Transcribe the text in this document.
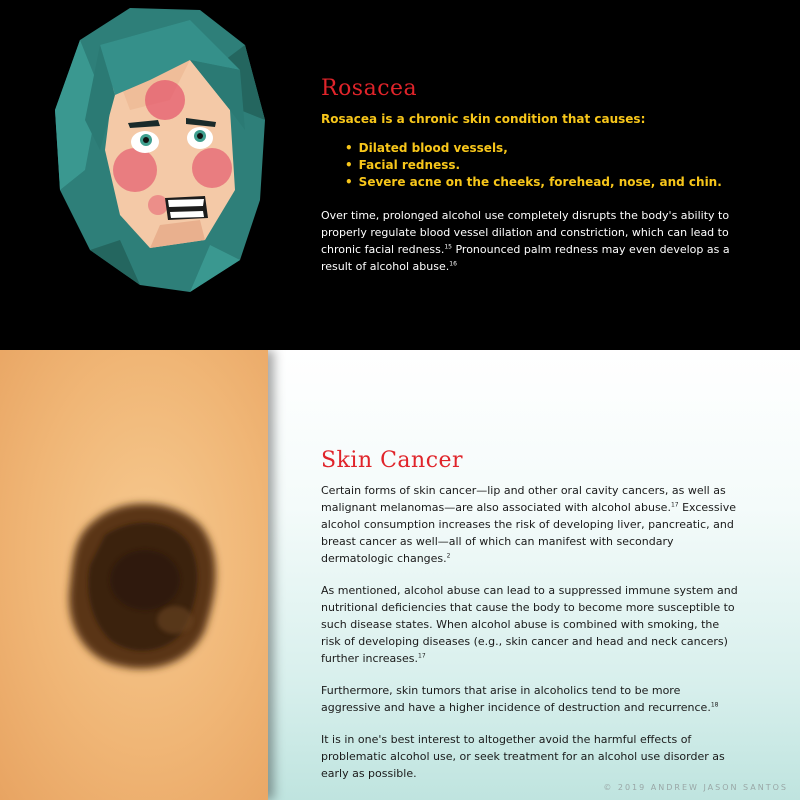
Rosacea

Rosacea is a chronic skin condition that causes:

• Dilated blood vessels,
• Facial redness.
• Severe acne on the cheeks, forehead, nose, and chin.

Over time, prolonged alcohol use completely disrupts the body's ability to properly regulate blood vessel dilation and constriction, which can lead to chronic facial redness.$^{15}$ Pronounced palm redness may even develop as a result of alcohol abuse.$^{16}$

Skin Cancer

Certain forms of skin cancer—lip and other oral cavity cancers, as well as malignant melanomas—are also associated with alcohol abuse.$^{17}$ Excessive alcohol consumption increases the risk of developing liver, pancreatic, and breast cancer as well—all of which can manifest with secondary dermatologic changes.$^2$

As mentioned, alcohol abuse can lead to a suppressed immune system and nutritional deficiencies that cause the body to become more susceptible to such disease states. When alcohol abuse is combined with smoking, the risk of developing diseases (e.g., skin cancer and head and neck cancers) further increases.$^{17}$

Furthermore, skin tumors that arise in alcoholics tend to be more aggressive and have a higher incidence of destruction and recurrence.$^{18}$

It is in one's best interest to altogether avoid the harmful effects of problematic alcohol use, or seek treatment for an alcohol use disorder as early as possible.

© 2019 ANDREW JASON SANTOS
